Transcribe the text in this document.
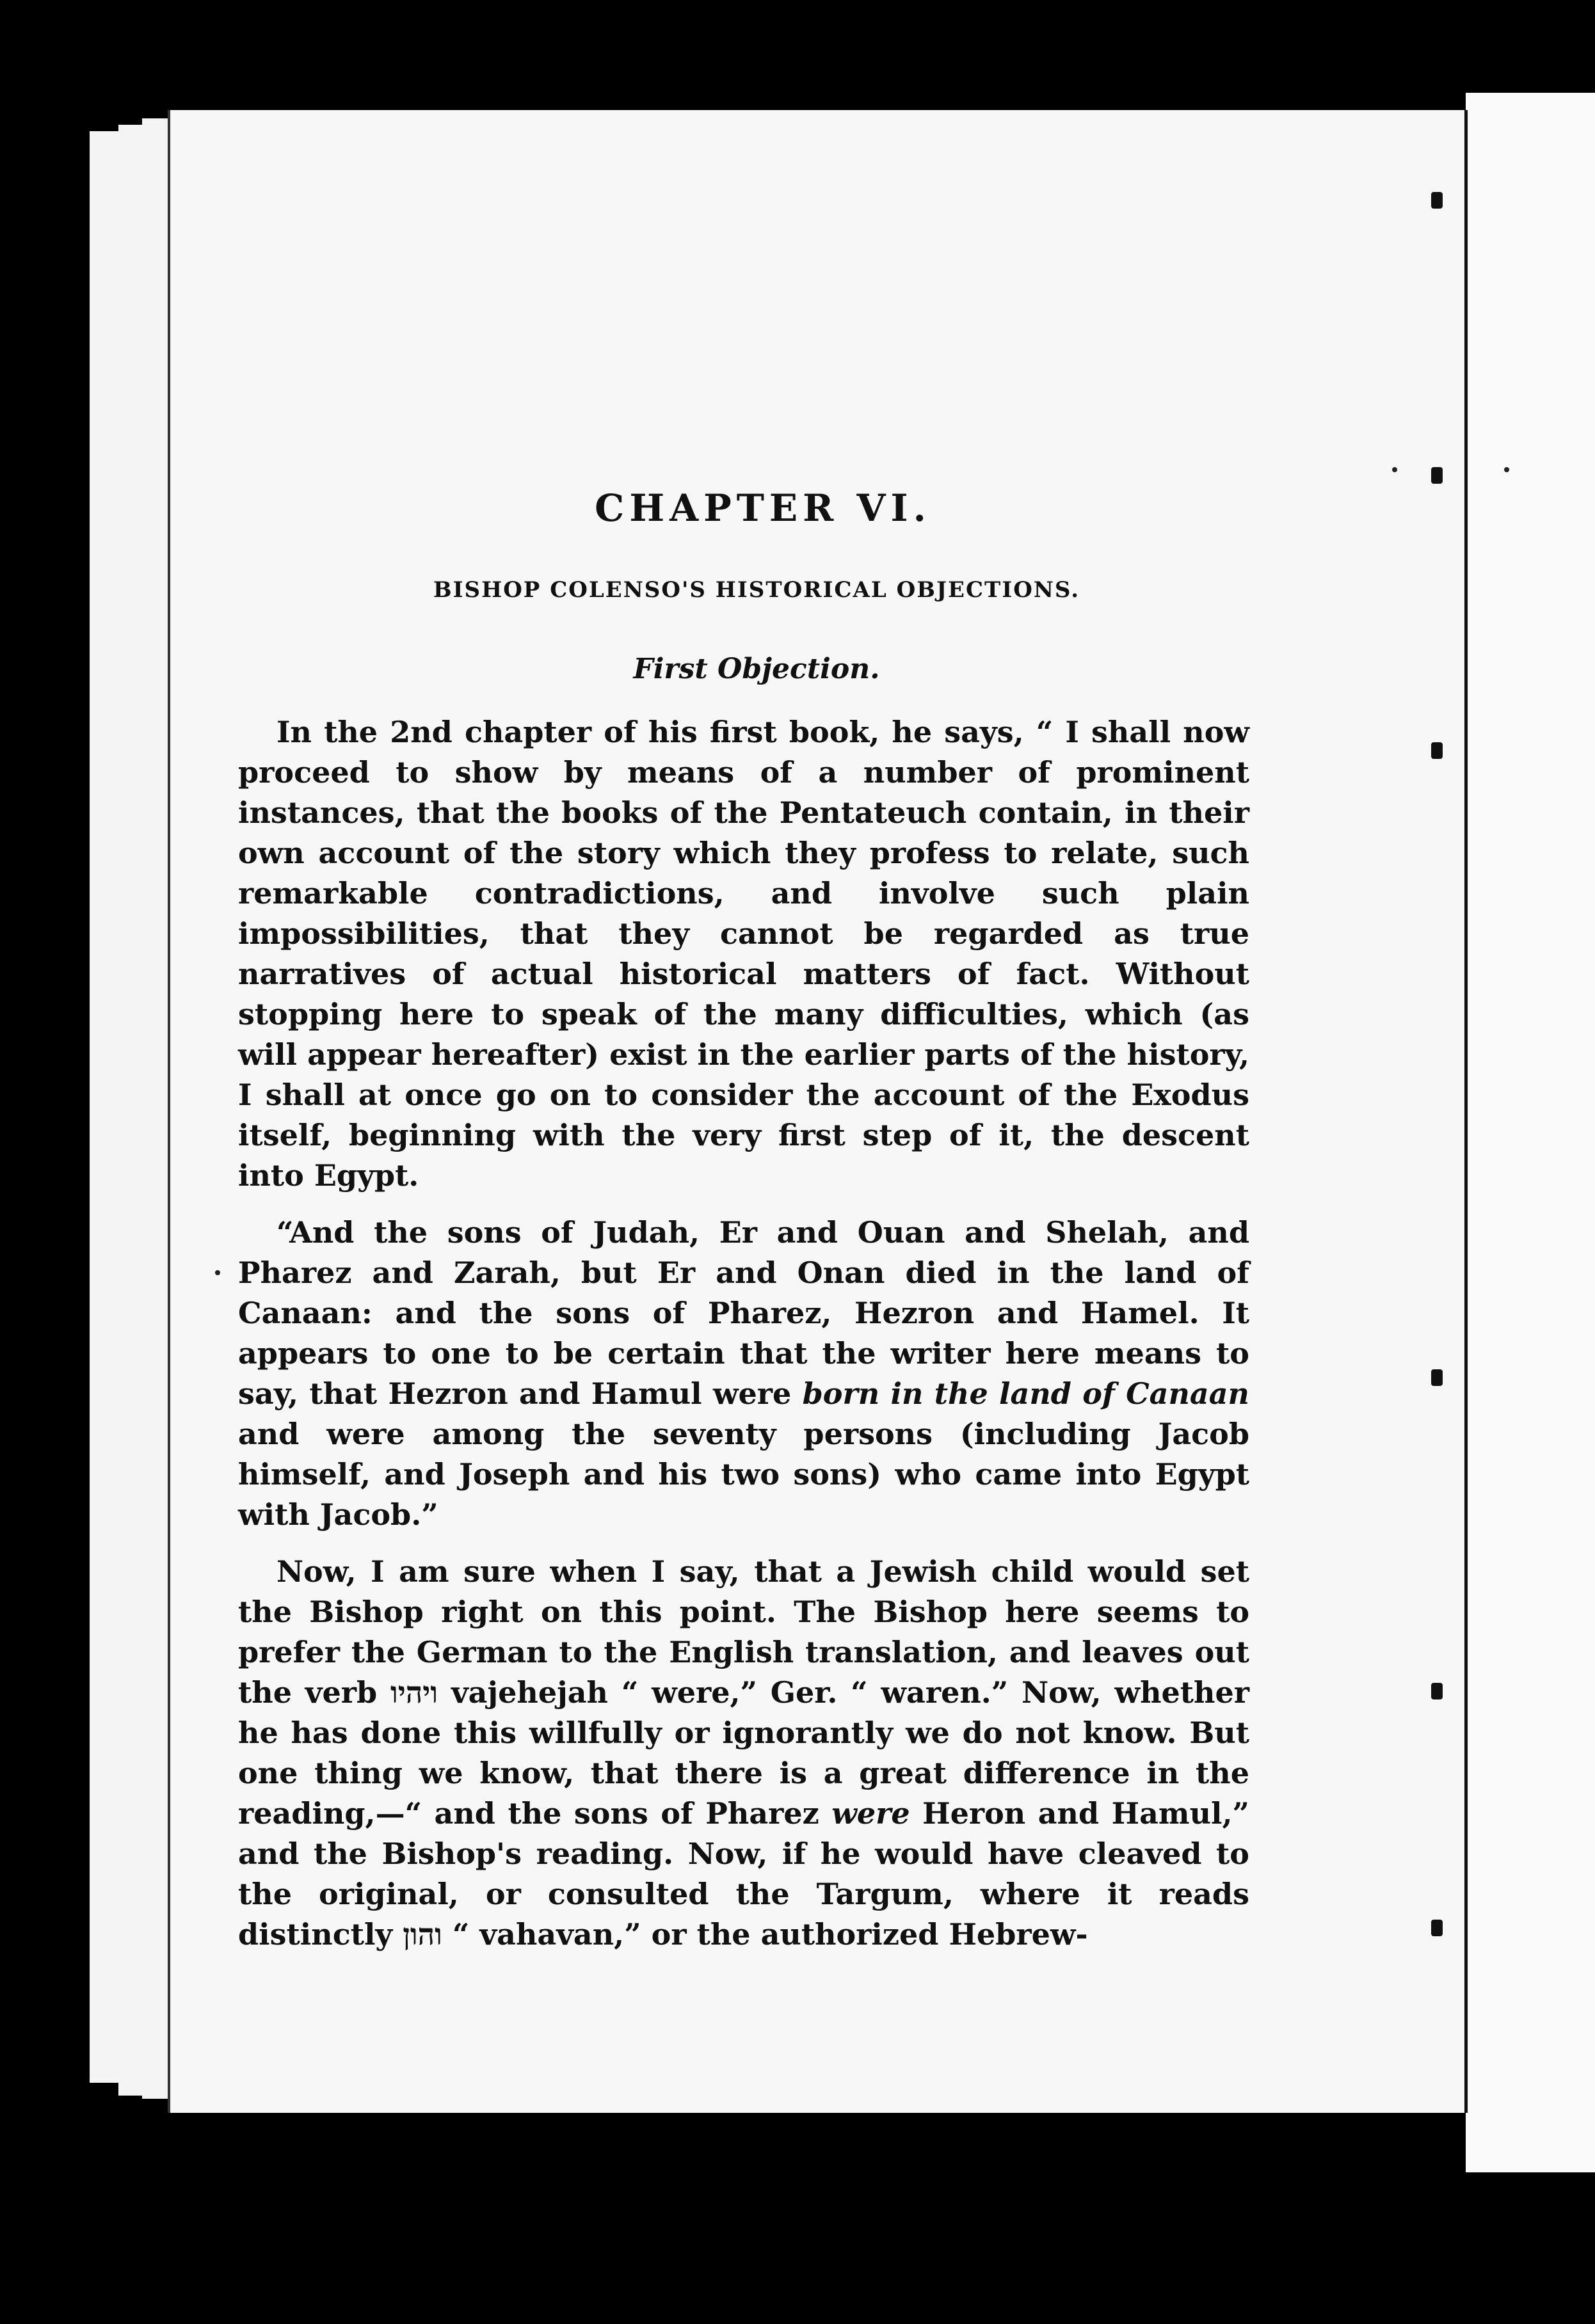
CHAPTER VI.
BISHOP COLENSO'S HISTORICAL OBJECTIONS.
First Objection.

In the 2nd chapter of his first book, he says, “ I shall now proceed to show by means of a number of prominent instances, that the books of the Pentateuch contain, in their own account of the story which they profess to relate, such remarkable contradictions, and involve such plain impossibilities, that they cannot be regarded as true narratives of actual historical matters of fact. Without stopping here to speak of the many difficulties, which (as will appear hereafter) exist in the earlier parts of the history, I shall at once go on to consider the account of the Exodus itself, beginning with the very first step of it, the descent into Egypt.

“And the sons of Judah, Er and Ouan and Shelah, and Pharez and Zarah, but Er and Onan died in the land of Canaan: and the sons of Pharez, Hezron and Hamel. It appears to one to be certain that the writer here means to say, that Hezron and Hamul were born in the land of Canaan and were among the seventy persons (including Jacob himself, and Joseph and his two sons) who came into Egypt with Jacob.”

Now, I am sure when I say, that a Jewish child would set the Bishop right on this point. The Bishop here seems to prefer the German to the English translation, and leaves out the verb ויהיו vajehejah “ were,” Ger. “ waren.” Now, whether he has done this willfully or ignorantly we do not know. But one thing we know, that there is a great difference in the reading,—“ and the sons of Pharez were Heron and Hamul,” and the Bishop's reading. Now, if he would have cleaved to the original, or consulted the Targum, where it reads distinctly והון “ vahavan,” or the authorized Hebrew-
